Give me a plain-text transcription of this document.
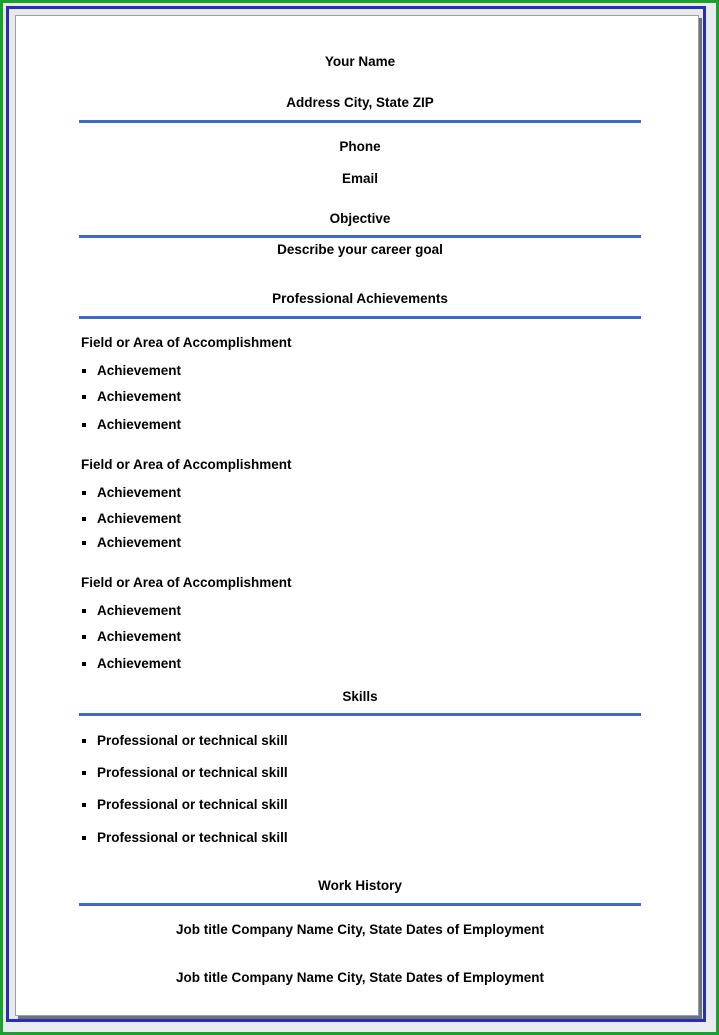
Your Name
Address City, State ZIP
Phone
Email
Objective
Describe your career goal
Professional Achievements
Field or Area of Accomplishment
Achievement
Achievement
Achievement
Field or Area of Accomplishment
Achievement
Achievement
Achievement
Field or Area of Accomplishment
Achievement
Achievement
Achievement
Skills
Professional or technical skill
Professional or technical skill
Professional or technical skill
Professional or technical skill
Work History
Job title Company Name City, State Dates of Employment
Job title Company Name City, State Dates of Employment
